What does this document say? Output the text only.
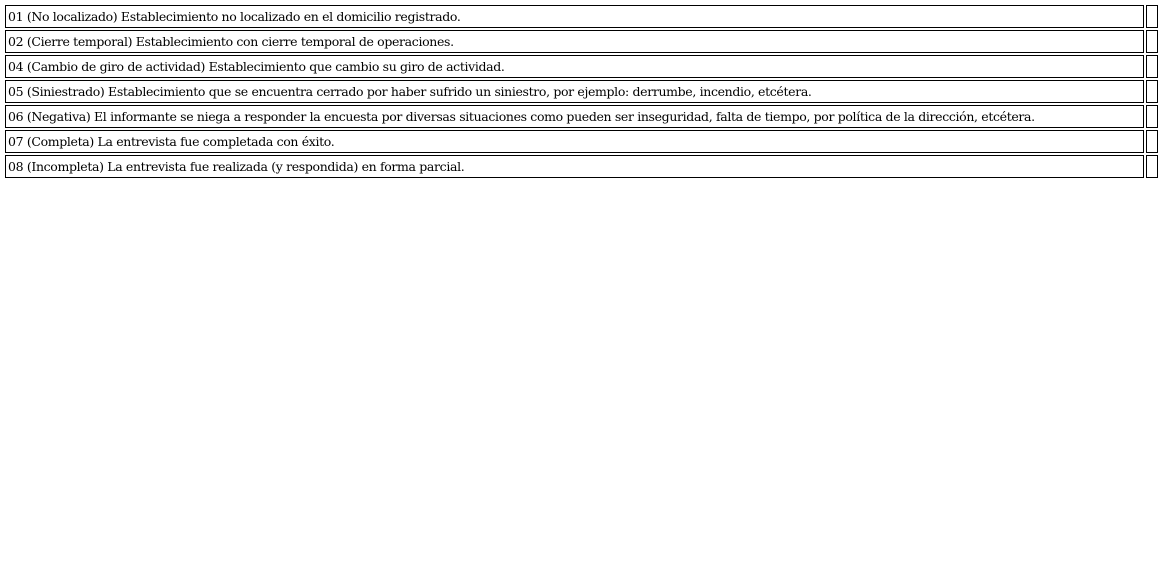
01 (No localizado) Establecimiento no localizado en el domicilio registrado.	
02 (Cierre temporal) Establecimiento con cierre temporal de operaciones.	
04 (Cambio de giro de actividad) Establecimiento que cambio su giro de actividad.	
05 (Siniestrado) Establecimiento que se encuentra cerrado por haber sufrido un siniestro, por ejemplo: derrumbe, incendio, etcétera.	
06 (Negativa) El informante se niega a responder la encuesta por diversas situaciones como pueden ser inseguridad, falta de tiempo, por política de la dirección, etcétera.	
07 (Completa) La entrevista fue completada con éxito.	
08 (Incompleta) La entrevista fue realizada (y respondida) en forma parcial.	
